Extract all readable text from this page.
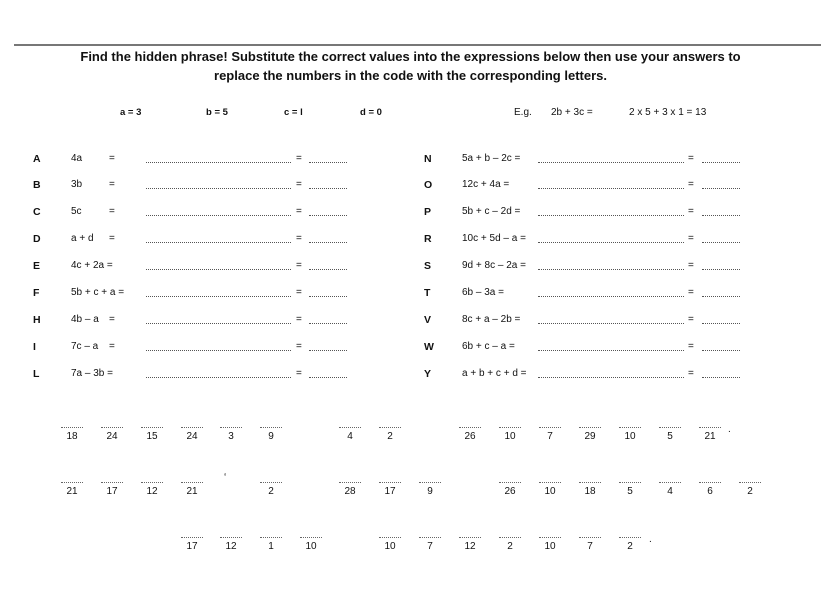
Find the hidden phrase! Substitute the correct values into the expressions below then use your answers to
replace the numbers in the code with the corresponding letters.
a = 3	b = 5	c = l	d = 0	E.g. 2b + 3c =	2 x 5 + 3 x 1 = 13
A	4a	=	=
B	3b	=	=
C	5c	=	=
D	a + d =	=
E	4c + 2a =	=
F	5b + c + a =	=
H	4b – a =	=
I	7c – a =	=
L	7a – 3b =	=
N	5a + b – 2c =	=
O	12c + 4a =	=
P	5b + c – 2d =	=
R	10c + 5d – a =	=
S	9d + 8c – 2a =	=
T	6b – 3a =	=
V	8c + a – 2b =	=
W	6b + c – a =	=
Y	a + b + c + d =	=
18	24	15	24	3	9	4	2	26	10	7	29	10	5	21
21	17	12	21	2	28	17	9	26	10	18	5	4	6	2
17	12	1	10	10	7	12	2	10	7	2
.
‘
.
